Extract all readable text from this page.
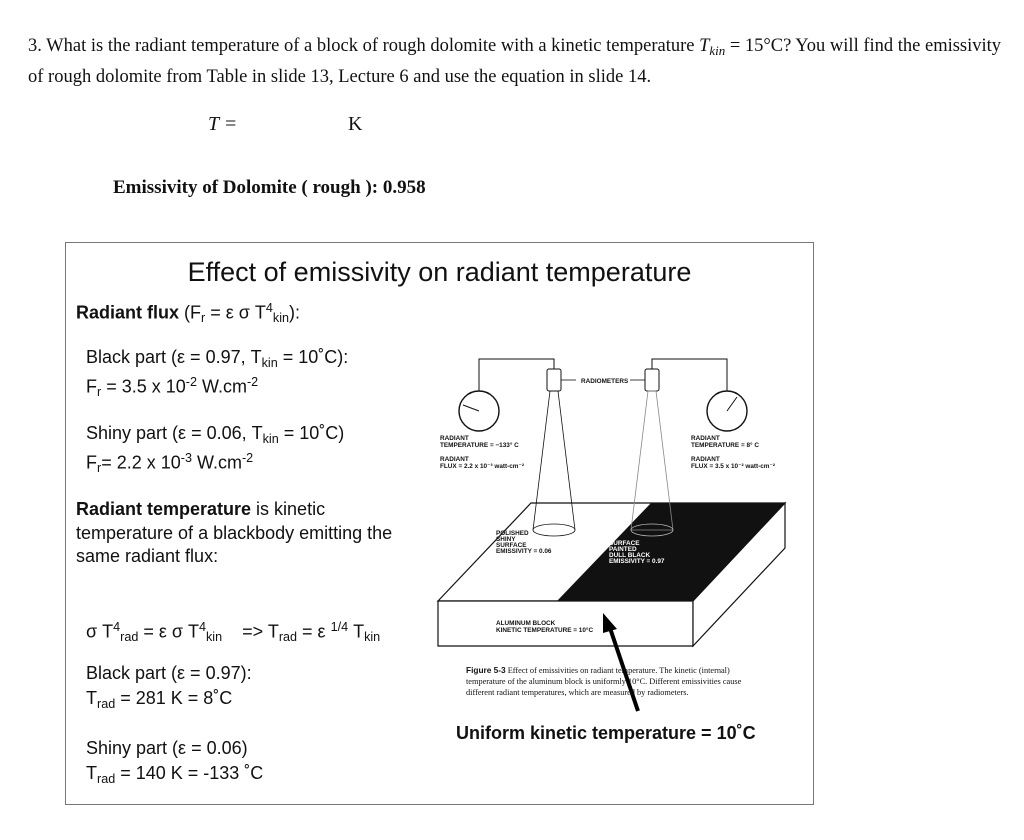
3. What is the radiant temperature of a block of rough dolomite with a kinetic temperature $T_{kin} = 15^\circ C$? You will find the emissivity of rough dolomite from Table in slide 13, Lecture 6 and use the equation in slide 14.
T =	K
Emissivity of Dolomite ( rough ): 0.958
Effect of emissivity on radiant temperature
Radiant flux ($F_r = \varepsilon$ σ $T^4_{kin}$):
Black part (ε = 0.97, $T_{kin}$ = 10˚C):
$F_r = 3.5$ x $10^{-2}$ $W.cm^{-2}$
Shiny part (ε = 0.06, $T_{kin}$ = 10˚C)
$F_r= 2.2$ x $10^{-3}$ $W.cm^{-2}$
Radiant temperature is kinetic
temperature of a blackbody emitting the
same radiant flux:
σ $T^4_{rad} = \varepsilon$ σ $T^4_{kin}$    => $T_{rad} = \varepsilon$ $^{1/4}$ $T_{kin}$
Black part (ε = 0.97):
$T_{rad} = 281$ K = 8˚C
Shiny part (ε = 0.06)
$T_{rad} = 140$ K = -133 ˚C
RADIOMETERS
RADIANT
TEMPERATURE = −133° C
RADIANT
FLUX = 2.2 x 10⁻³ watt-cm⁻²
RADIANT
TEMPERATURE = 8° C
RADIANT
FLUX = 3.5 x 10⁻² watt-cm⁻²
POLISHED
SHINY
SURFACE
EMISSIVITY = 0.06
SURFACE
PAINTED
DULL BLACK
EMISSIVITY = 0.97
ALUMINUM BLOCK
KINETIC TEMPERATURE = 10°C
Figure 5-3 Effect of emissivities on radiant temperature. The kinetic (internal) temperature of the aluminum block is uniformly 10°C. Different emissivities cause different radiant temperatures, which are measured by radiometers.
Uniform kinetic temperature = 10˚C
